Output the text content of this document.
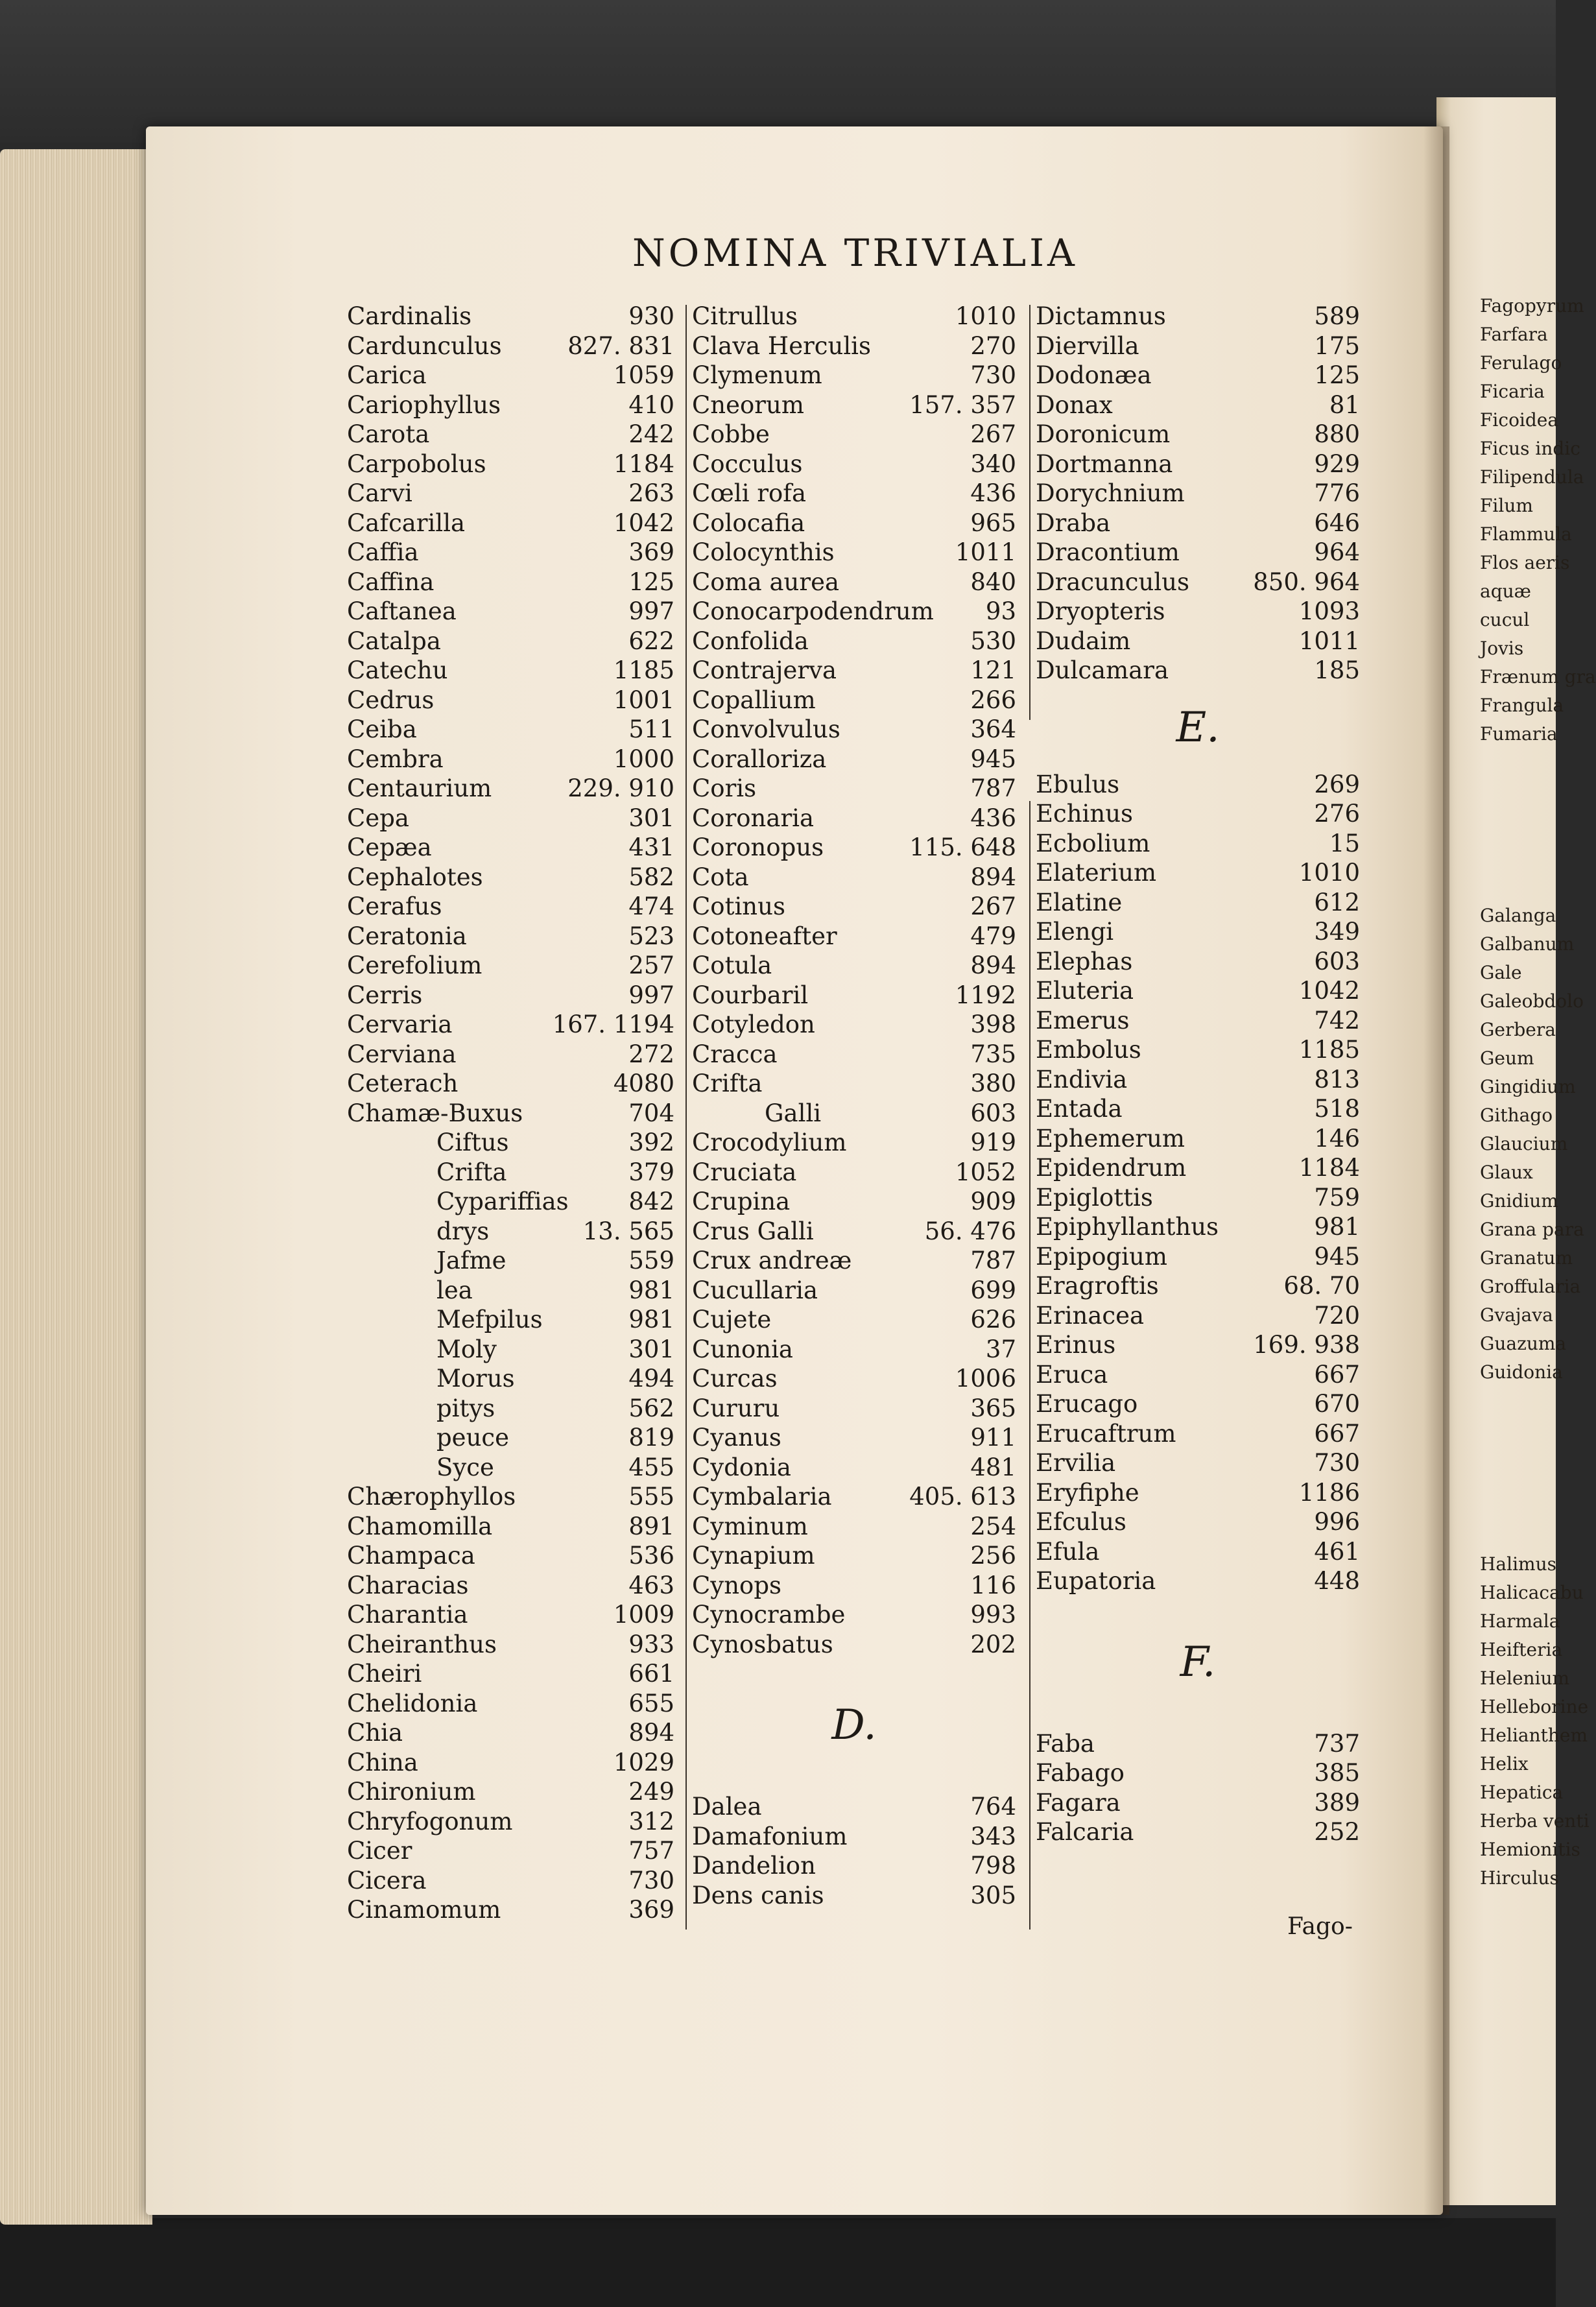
NOMINA TRIVIALIA
Cardinalis	930
Cardunculus	827. 831
Carica	1059
Cariophyllus	410
Carota	242
Carpobolus	1184
Carvi	263
Cafcarilla	1042
Caffia	369
Caffina	125
Caftanea	997
Catalpa	622
Catechu	1185
Cedrus	1001
Ceiba	511
Cembra	1000
Centaurium	229. 910
Cepa	301
Cepæa	431
Cephalotes	582
Cerafus	474
Ceratonia	523
Cerefolium	257
Cerris	997
Cervaria	167. 1194
Cerviana	272
Ceterach	4080
Chamæ-Buxus	704
Ciftus	392
Crifta	379
Cypariffias	842
drys	13. 565
Jafme	559
lea	981
Mefpilus	981
Moly	301
Morus	494
pitys	562
peuce	819
Syce	455
Chærophyllos	555
Chamomilla	891
Champaca	536
Characias	463
Charantia	1009
Cheiranthus	933
Cheiri	661
Chelidonia	655
Chia	894
China	1029
Chironium	249
Chryfogonum	312
Cicer	757
Cicera	730
Cinamomum	369
Citrullus	1010
Clava Herculis	270
Clymenum	730
Cneorum	157. 357
Cobbe	267
Cocculus	340
Cœli rofa	436
Colocafia	965
Colocynthis	1011
Coma aurea	840
Conocarpodendrum 93
Confolida	530
Contrajerva	121
Copallium	266
Convolvulus	364
Coralloriza	945
Coris	787
Coronaria	436
Coronopus	115. 648
Cota	894
Cotinus	267
Cotoneafter	479
Cotula	894
Courbaril	1192
Cotyledon	398
Cracca	735
Crifta	380
Galli	603
Crocodylium	919
Cruciata	1052
Crupina	909
Crus Galli	56. 476
Crux andreæ	787
Cucullaria	699
Cujete	626
Cunonia	37
Curcas	1006
Cururu	365
Cyanus	911
Cydonia	481
Cymbalaria	405. 613
Cyminum	254
Cynapium	256
Cynops	116
Cynocrambe	993
Cynosbatus	202
D.
Dalea	764
Damafonium	343
Dandelion	798
Dens canis	305
Dictamnus	589
Diervilla	175
Dodonæa	125
Donax	81
Doronicum	880
Dortmanna	929
Dorychnium	776
Draba	646
Dracontium	964
Dracunculus	850. 964
Dryopteris	1093
Dudaim	1011
Dulcamara	185
E.
Ebulus	269
Echinus	276
Ecbolium	15
Elaterium	1010
Elatine	612
Elengi	349
Elephas	603
Eluteria	1042
Emerus	742
Embolus	1185
Endivia	813
Entada	518
Ephemerum	146
Epidendrum	1184
Epiglottis	759
Epiphyllanthus	981
Epipogium	945
Eragroftis	68. 70
Erinacea	720
Erinus	169. 938
Eruca	667
Erucago	670
Erucaftrum	667
Ervilia	730
Eryfiphe	1186
Efculus	996
Efula	461
Eupatoria	448
F.
Faba	737
Fabago	385
Fagara	389
Falcaria	252
Fago-
Fagopyrum
Farfara
Ferulago
Ficaria
Ficoidea
Ficus indic
Filipendula
Filum
Flammula
Flos aeris
aquæ
cucul
Jovis
Frænum gra
Frangula
Fumaria
Galanga
Galbanum
Gale
Galeobdolo
Gerbera
Geum
Gingidium
Githago
Glaucium
Glaux
Gnidium
Grana para
Granatum
Groffularia
Gvajava
Guazuma
Guidonia
Halimus
Halicacabu
Harmala
Heifteria
Helenium
Helleborine
Helianthem
Helix
Hepatica
Herba venti
Hemionitis
Hirculus
